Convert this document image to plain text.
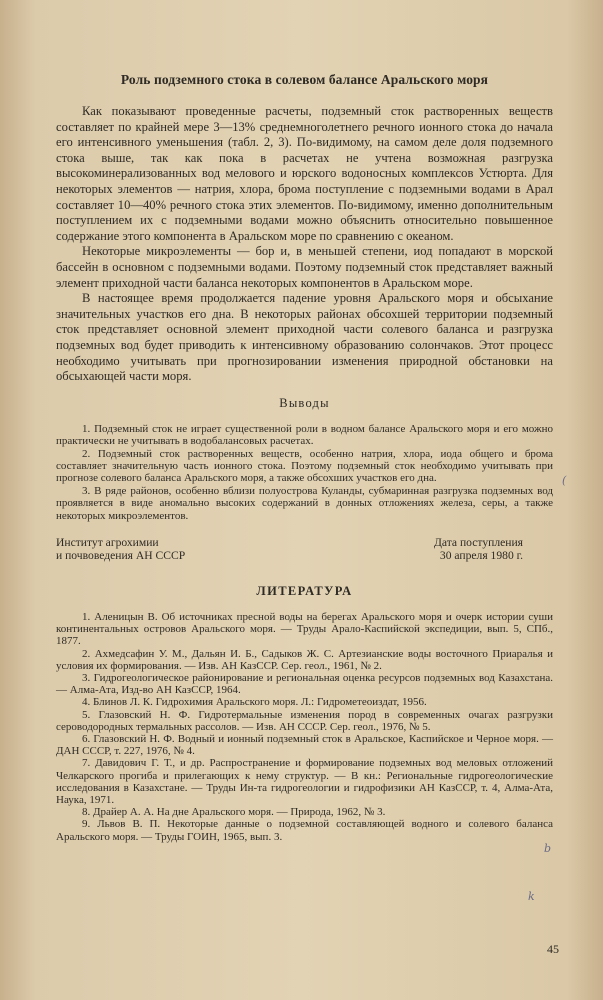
Роль подземного стока в солевом балансе Аральского моря

Как показывают проведенные расчеты, подземный сток растворенных веществ составляет по крайней мере 3—13% среднемноголетнего речного ионного стока до начала его интенсивного уменьшения (табл. 2, 3). По-видимому, на самом деле доля подземного стока выше, так как пока в расчетах не учтена возможная разгрузка высокоминерализованных вод мелового и юрского водоносных комплексов Устюрта. Для некоторых элементов — натрия, хлора, брома поступление с подземными водами в Арал составляет 10—40% речного стока этих элементов. По-видимому, именно дополнительным поступлением их с подземными водами можно объяснить относительно повышенное содержание этого компонента в Аральском море по сравнению с океаном.

Некоторые микроэлементы — бор и, в меньшей степени, иод попадают в морской бассейн в основном с подземными водами. Поэтому подземный сток представляет важный элемент приходной части баланса некоторых компонентов в Аральском море.

В настоящее время продолжается падение уровня Аральского моря и обсыхание значительных участков его дна. В некоторых районах обсохшей территории подземный сток представляет основной элемент приходной части солевого баланса и разгрузка подземных вод будет приводить к интенсивному образованию солончаков. Этот процесс необходимо учитывать при прогнозировании изменения природной обстановки на обсыхающей части моря.

Выводы

1. Подземный сток не играет существенной роли в водном балансе Аральского моря и его можно практически не учитывать в водобалансовых расчетах.

2. Подземный сток растворенных веществ, особенно натрия, хлора, иода общего и брома составляет значительную часть ионного стока. Поэтому подземный сток необходимо учитывать при прогнозе солевого баланса Аральского моря, а также обсохших участков его дна.

3. В ряде районов, особенно вблизи полуострова Куланды, субмаринная разгрузка подземных вод проявляется в виде аномально высоких содержаний в донных отложениях железа, серы, а также некоторых микроэлементов.

Институт агрохимии
и почвоведения АН СССР
Дата поступления
30 апреля 1980 г.
ЛИТЕРАТУРА

1. Аленицын В. Об источниках пресной воды на берегах Аральского моря и очерк истории суши континентальных островов Аральского моря. — Труды Арало-Каспийской экспедиции, вып. 5, СПб., 1877.

2. Ахмедсафин У. М., Дальян И. Б., Садыков Ж. С. Артезианские воды восточного Приаралья и условия их формирования. — Изв. АН КазССР. Сер. геол., 1961, № 2.

3. Гидрогеологическое районирование и региональная оценка ресурсов подземных вод Казахстана. — Алма-Ата, Изд-во АН КазССР, 1964.

4. Блинов Л. К. Гидрохимия Аральского моря. Л.: Гидрометеоиздат, 1956.

5. Глазовский Н. Ф. Гидротермальные изменения пород в современных очагах разгрузки сероводородных термальных рассолов. — Изв. АН СССР. Сер. геол., 1976, № 5.

6. Глазовский Н. Ф. Водный и ионный подземный сток в Аральское, Каспийское и Черное моря. — ДАН СССР, т. 227, 1976, № 4.

7. Давидович Г. Т., и др. Распространение и формирование подземных вод меловых отложений Челкарского прогиба и прилегающих к нему структур. — В кн.: Региональные гидрогеологические исследования в Казахстане. — Труды Ин-та гидрогеологии и гидрофизики АН КазССР, т. 4, Алма-Ата, Наука, 1971.

8. Драйер А. А. На дне Аральского моря. — Природа, 1962, № 3.

9. Львов В. П. Некоторые данные о подземной составляющей водного и солевого баланса Аральского моря. — Труды ГОИН, 1965, вып. 3.

45
(
b
k
